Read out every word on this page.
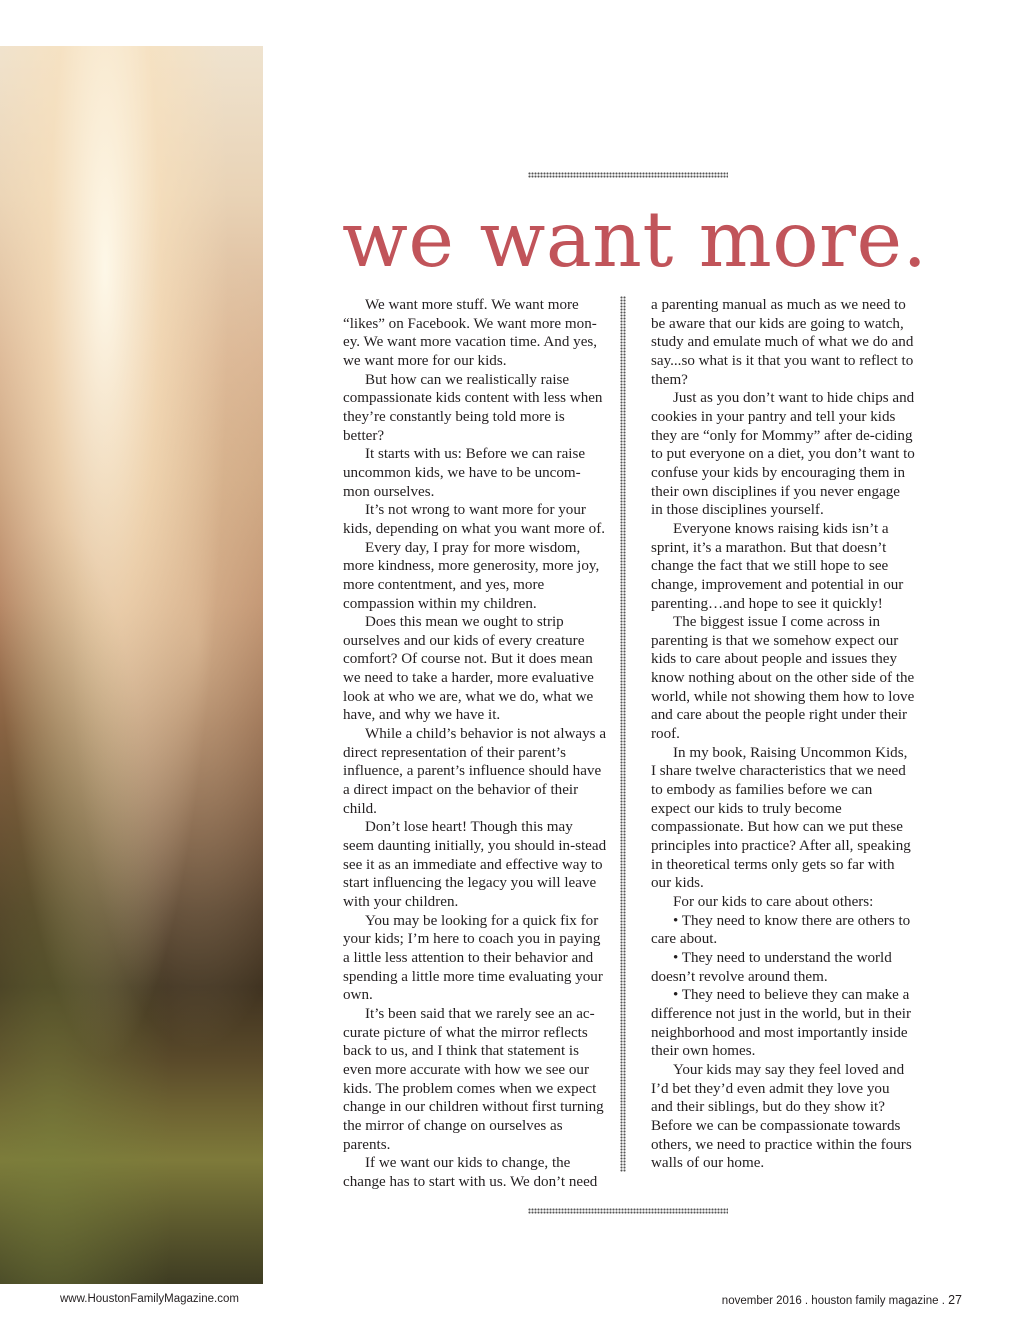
we want more.

We want more stuff. We want more “likes” on Facebook. We want more mon-ey. We want more vacation time. And yes, we want more for our kids.

But how can we realistically raise compassionate kids content with less when they’re constantly being told more is better?

It starts with us: Before we can raise uncommon kids, we have to be uncom-mon ourselves.

It’s not wrong to want more for your kids, depending on what you want more of.

Every day, I pray for more wisdom, more kindness, more generosity, more joy, more contentment, and yes, more compassion within my children.

Does this mean we ought to strip ourselves and our kids of every creature comfort? Of course not. But it does mean we need to take a harder, more evaluative look at who we are, what we do, what we have, and why we have it.

While a child’s behavior is not always a direct representation of their parent’s influence, a parent’s influence should have a direct impact on the behavior of their child.

Don’t lose heart! Though this may seem daunting initially, you should in-stead see it as an immediate and effective way to start influencing the legacy you will leave with your children.

You may be looking for a quick fix for your kids; I’m here to coach you in paying a little less attention to their behavior and spending a little more time evaluating your own.

It’s been said that we rarely see an ac-curate picture of what the mirror reflects back to us, and I think that statement is even more accurate with how we see our kids. The problem comes when we expect change in our children without first turning the mirror of change on ourselves as parents.

If we want our kids to change, the change has to start with us. We don’t need

a parenting manual as much as we need to be aware that our kids are going to watch, study and emulate much of what we do and say...so what is it that you want to reflect to them?

Just as you don’t want to hide chips and cookies in your pantry and tell your kids they are “only for Mommy” after de-ciding to put everyone on a diet, you don’t want to confuse your kids by encouraging them in their own disciplines if you never engage in those disciplines yourself.

Everyone knows raising kids isn’t a sprint, it’s a marathon. But that doesn’t change the fact that we still hope to see change, improvement and potential in our parenting…and hope to see it quickly!

The biggest issue I come across in parenting is that we somehow expect our kids to care about people and issues they know nothing about on the other side of the world, while not showing them how to love and care about the people right under their roof.

In my book, Raising Uncommon Kids, I share twelve characteristics that we need to embody as families before we can expect our kids to truly become compassionate. But how can we put these principles into practice? After all, speaking in theoretical terms only gets so far with our kids.

For our kids to care about others:

• They need to know there are others to care about.

• They need to understand the world doesn’t revolve around them.

• They need to believe they can make a difference not just in the world, but in their neighborhood and most importantly inside their own homes.

Your kids may say they feel loved and I’d bet they’d even admit they love you and their siblings, but do they show it? Before we can be compassionate towards others, we need to practice within the fours walls of our home.

www.HoustonFamilyMagazine.com	november 2016 . houston family magazine . 27
